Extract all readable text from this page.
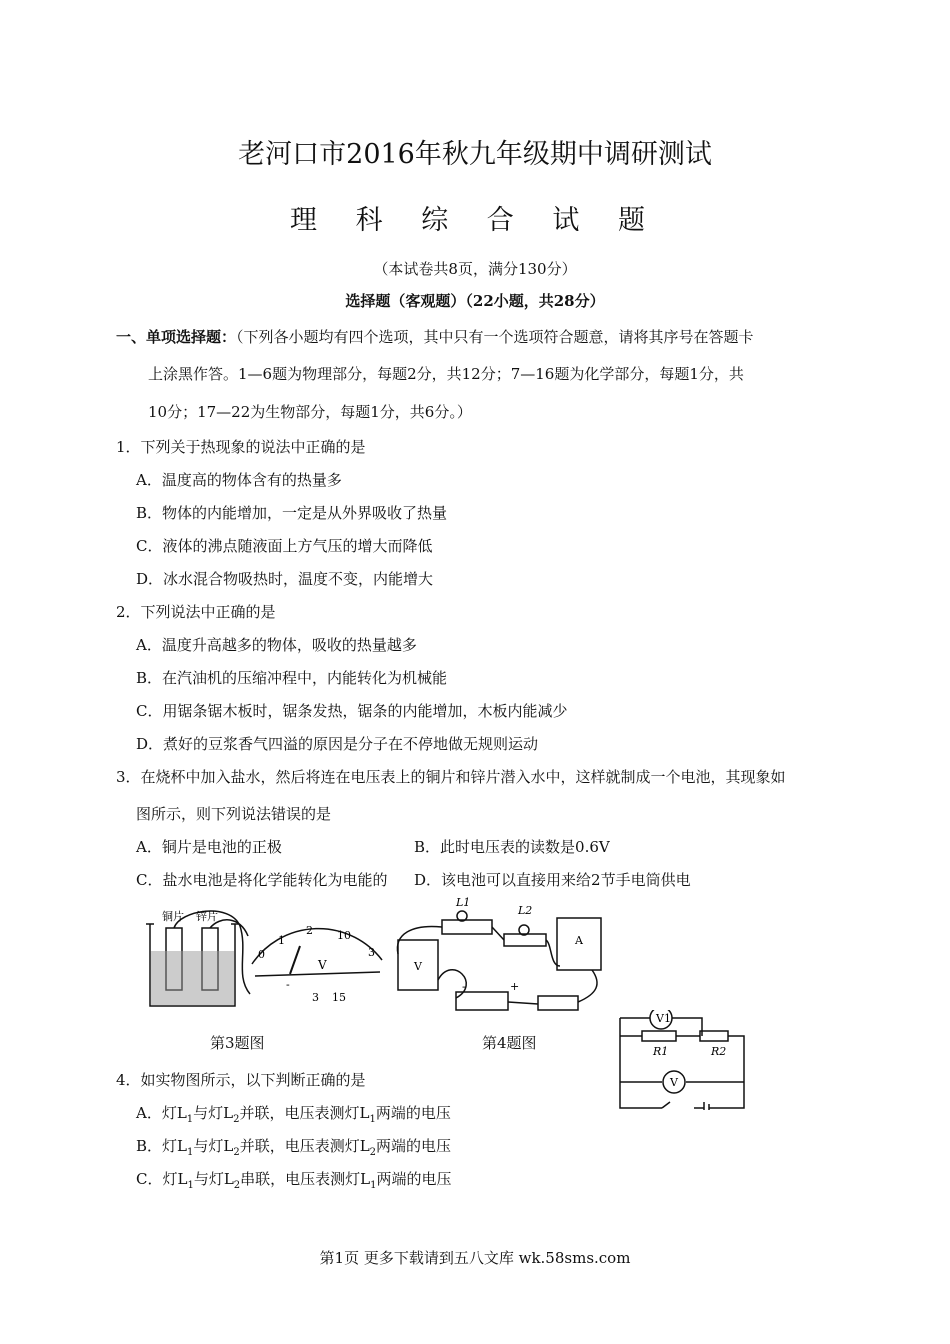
老河口市2016年秋九年级期中调研测试
理 科 综 合 试 题
（本试卷共8页，满分130分）
选择题（客观题）（22小题，共28分）
一、单项选择题：（下列各小题均有四个选项，其中只有一个选项符合题意，请将其序号在答题卡
上涂黑作答。1—6题为物理部分，每题2分，共12分；7—16题为化学部分，每题1分，共
10分；17—22为生物部分，每题1分，共6分。）
1．下列关于热现象的说法中正确的是
A．温度高的物体含有的热量多
B．物体的内能增加，一定是从外界吸收了热量
C．液体的沸点随液面上方气压的增大而降低
D．冰水混合物吸热时，温度不变，内能增大
2．下列说法中正确的是
A．温度升高越多的物体，吸收的热量越多
B．在汽油机的压缩冲程中，内能转化为机械能
C．用锯条锯木板时，锯条发热，锯条的内能增加，木板内能减少
D．煮好的豆浆香气四溢的原因是分子在不停地做无规则运动
3．在烧杯中加入盐水，然后将连在电压表上的铜片和锌片潜入水中，这样就制成一个电池，其现象如
图所示，则下列说法错误的是
A．铜片是电池的正极	B．此时电压表的读数是0.6V
C．盐水电池是将化学能转化为电能的 D．该电池可以直接用来给2节手电筒供电
铜片 锌片
0
1
2 10
3
V
-
3 15
第3题图
L1
L2
A
V
-	+
第4题图
V1
R1	R2
V
4．如实物图所示，以下判断正确的是
A．灯$L_1$与灯$L_2$并联，电压表测灯$L_1$两端的电压
B．灯$L_1$与灯$L_2$并联，电压表测灯$L_2$两端的电压
C．灯$L_1$与灯$L_2$串联，电压表测灯$L_1$两端的电压
第1页 更多下载请到五八文库 wk.58sms.com
